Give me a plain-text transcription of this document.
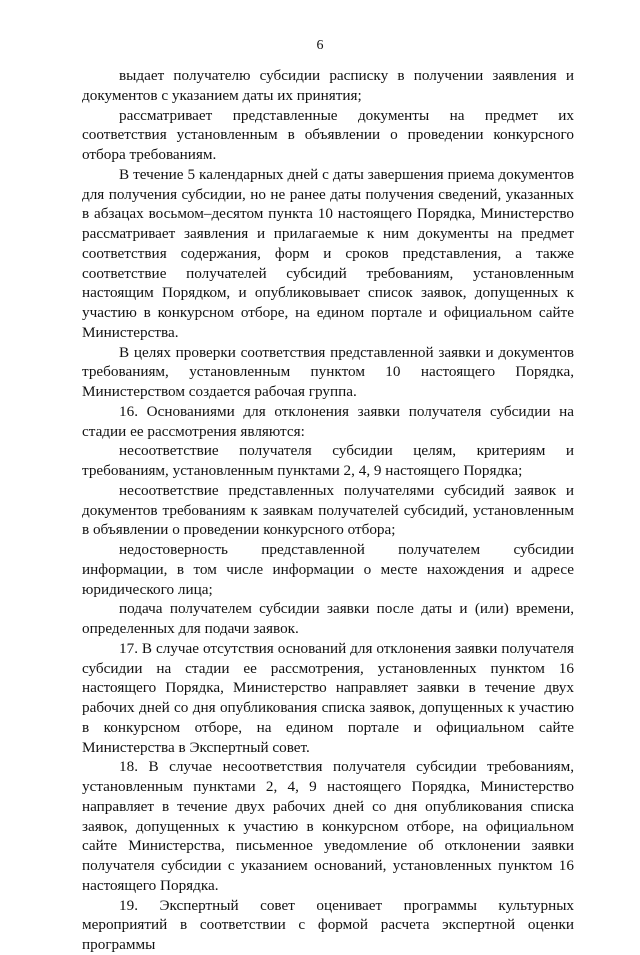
6

выдает получателю субсидии расписку в получении заявления и документов с указанием даты их принятия;

рассматривает представленные документы на предмет их соответствия установленным в объявлении о проведении конкурсного отбора требованиям.

В течение 5 календарных дней с даты завершения приема документов для получения субсидии, но не ранее даты получения сведений, указанных в абзацах восьмом–десятом пункта 10 настоящего Порядка, Министерство рассматривает заявления и прилагаемые к ним документы на предмет соответствия содержания, форм и сроков представления, а также соответствие получателей субсидий требованиям, установленным настоящим Порядком, и опубликовывает список заявок, допущенных к участию в конкурсном отборе, на едином портале и официальном сайте Министерства.

В целях проверки соответствия представленной заявки и документов требованиям, установленным пунктом 10 настоящего Порядка, Министерством создается рабочая группа.

16. Основаниями для отклонения заявки получателя субсидии на стадии ее рассмотрения являются:

несоответствие получателя субсидии целям, критериям и требованиям, установленным пунктами 2, 4, 9 настоящего Порядка;

несоответствие представленных получателями субсидий заявок и документов требованиям к заявкам получателей субсидий, установленным в объявлении о проведении конкурсного отбора;

недостоверность представленной получателем субсидии информации, в том числе информации о месте нахождения и адресе юридического лица;

подача получателем субсидии заявки после даты и (или) времени, определенных для подачи заявок.

17. В случае отсутствия оснований для отклонения заявки получателя субсидии на стадии ее рассмотрения, установленных пунктом 16 настоящего Порядка, Министерство направляет заявки в течение двух рабочих дней со дня опубликования списка заявок, допущенных к участию в конкурсном отборе, на едином портале и официальном сайте Министерства в Экспертный совет.

18. В случае несоответствия получателя субсидии требованиям, установленным пунктами 2, 4, 9 настоящего Порядка, Министерство направляет в течение двух рабочих дней со дня опубликования списка заявок, допущенных к участию в конкурсном отборе, на официальном сайте Министерства, письменное уведомление об отклонении заявки получателя субсидии с указанием оснований, установленных пунктом 16 настоящего Порядка.

19. Экспертный совет оценивает программы культурных мероприятий в соответствии с формой расчета экспертной оценки программы
